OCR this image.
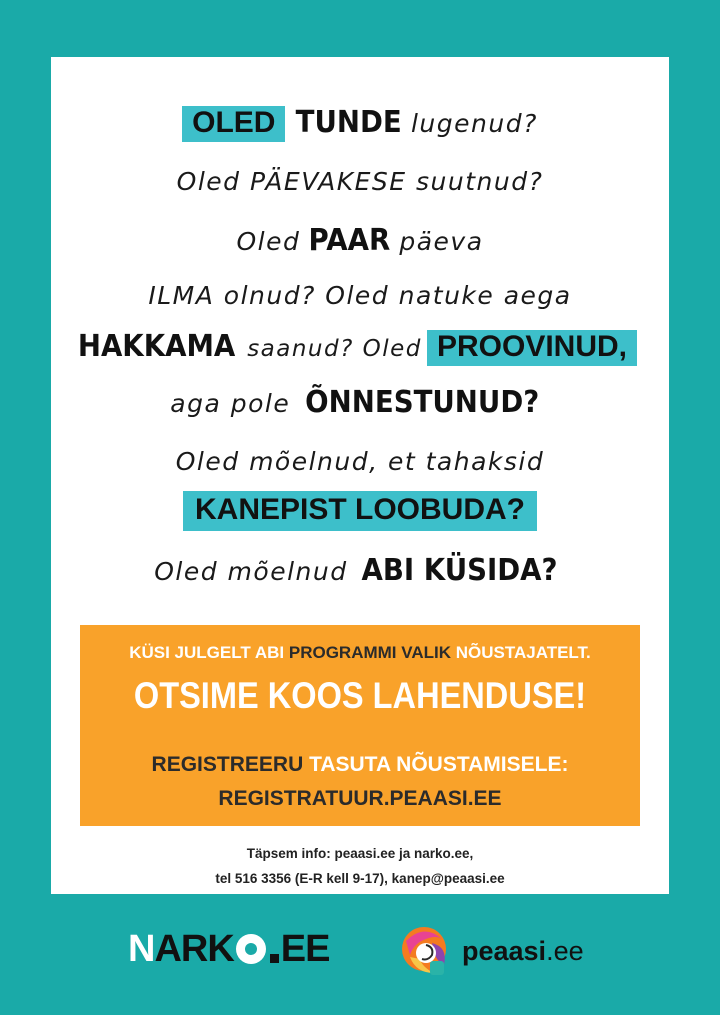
OLED TUNDE lugenud?
Oled PÄEVAKESE suutnud?
Oled PAAR päeva
ILMA olnud? Oled natuke aega
HAKKAMA saanud? Oled PROOVINUD,
aga pole ÕNNESTUNUD?
Oled mõelnud, et tahaksid
KANEPIST LOOBUDA?
Oled mõelnud ABI KÜSIDA?
KÜSI JULGELT ABI PROGRAMMI VALIK NÕUSTAJATELT.
OTSIME KOOS LAHENDUSE!
REGISTREERU TASUTA NÕUSTAMISELE:
REGISTRATUUR.PEAASI.EE
Täpsem info: peaasi.ee ja narko.ee,
tel 516 3356 (E-R kell 9-17), kanep@peaasi.ee
N ARK EE	peaasi.ee
